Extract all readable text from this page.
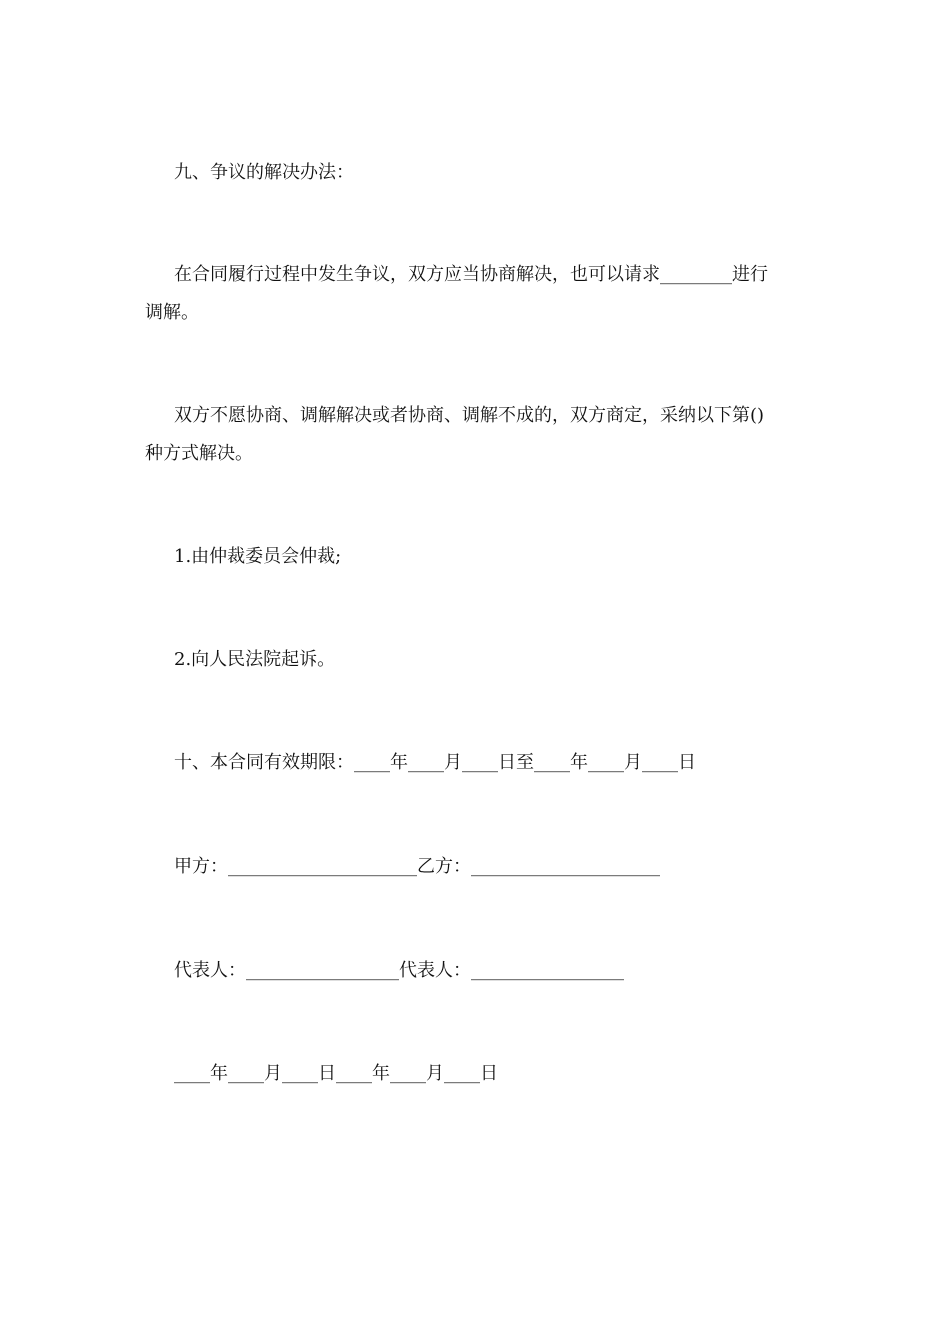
九、争议的解决办法：
在合同履行过程中发生争议，双方应当协商解决，也可以请求________进行
调解。
双方不愿协商、调解解决或者协商、调解不成的，双方商定，采纳以下第()
种方式解决。
1.由仲裁委员会仲裁;
2.向人民法院起诉。
十、本合同有效期限：____年____月____日至____年____月____日
甲方：_____________________乙方：_____________________
代表人：_________________代表人：_________________
____年____月____日____年____月____日
